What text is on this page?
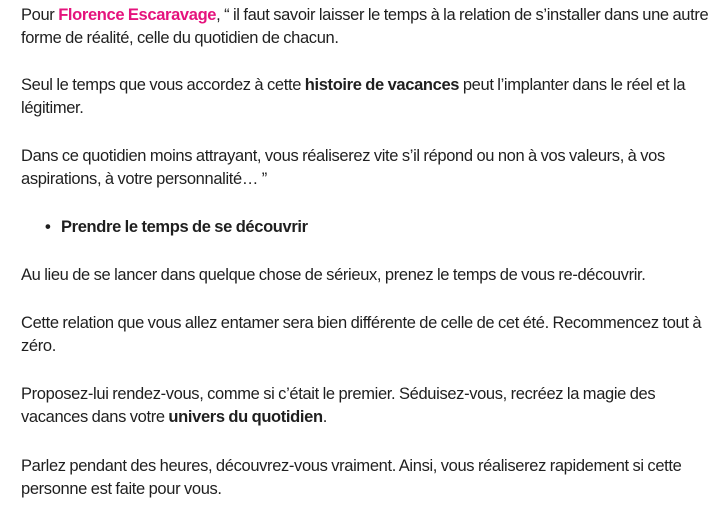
Pour Florence Escaravage, “ il faut savoir laisser le temps à la relation de s’installer dans une autre forme de réalité, celle du quotidien de chacun.

Seul le temps que vous accordez à cette histoire de vacances peut l’implanter dans le réel et la légitimer.

Dans ce quotidien moins attrayant, vous réaliserez vite s’il répond ou non à vos valeurs, à vos aspirations, à votre personnalité… ”

• Prendre le temps de se découvrir

Au lieu de se lancer dans quelque chose de sérieux, prenez le temps de vous re-découvrir.

Cette relation que vous allez entamer sera bien différente de celle de cet été. Recommencez tout à zéro.

Proposez-lui rendez-vous, comme si c’était le premier. Séduisez-vous, recréez la magie des vacances dans votre univers du quotidien.

Parlez pendant des heures, découvrez-vous vraiment. Ainsi, vous réaliserez rapidement si cette personne est faite pour vous.
